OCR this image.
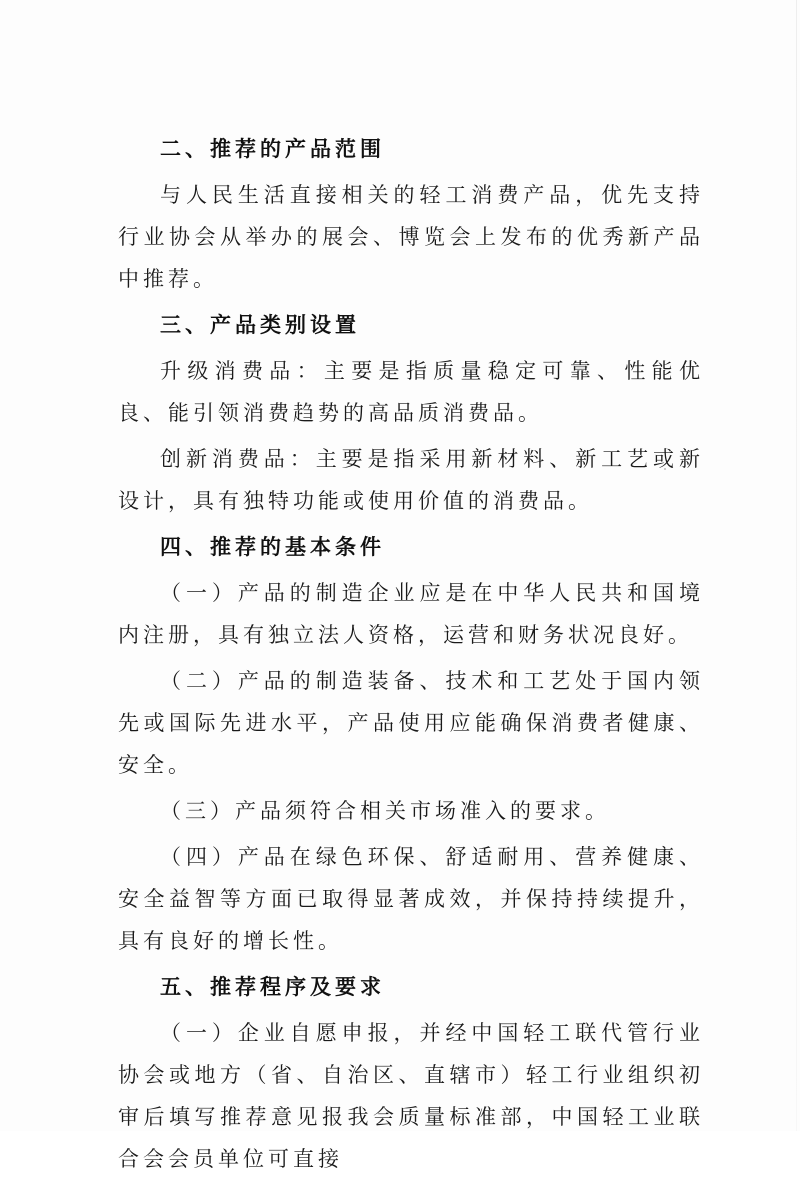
二、推荐的产品范围

与人民生活直接相关的轻工消费产品，优先支持行业协会从举办的展会、博览会上发布的优秀新产品中推荐。

三、产品类别设置

升级消费品：主要是指质量稳定可靠、性能优良、能引领消费趋势的高品质消费品。

创新消费品：主要是指采用新材料、新工艺或新设计，具有独特功能或使用价值的消费品。

四、推荐的基本条件

（一）产品的制造企业应是在中华人民共和国境内注册，具有独立法人资格，运营和财务状况良好。

（二）产品的制造装备、技术和工艺处于国内领先或国际先进水平，产品使用应能确保消费者健康、安全。

（三）产品须符合相关市场准入的要求。

（四）产品在绿色环保、舒适耐用、营养健康、安全益智等方面已取得显著成效，并保持持续提升，具有良好的增长性。

五、推荐程序及要求

（一）企业自愿申报，并经中国轻工联代管行业协会或地方（省、自治区、直辖市）轻工行业组织初审后填写推荐意见报我会质量标准部，中国轻工业联合会会员单位可直接
